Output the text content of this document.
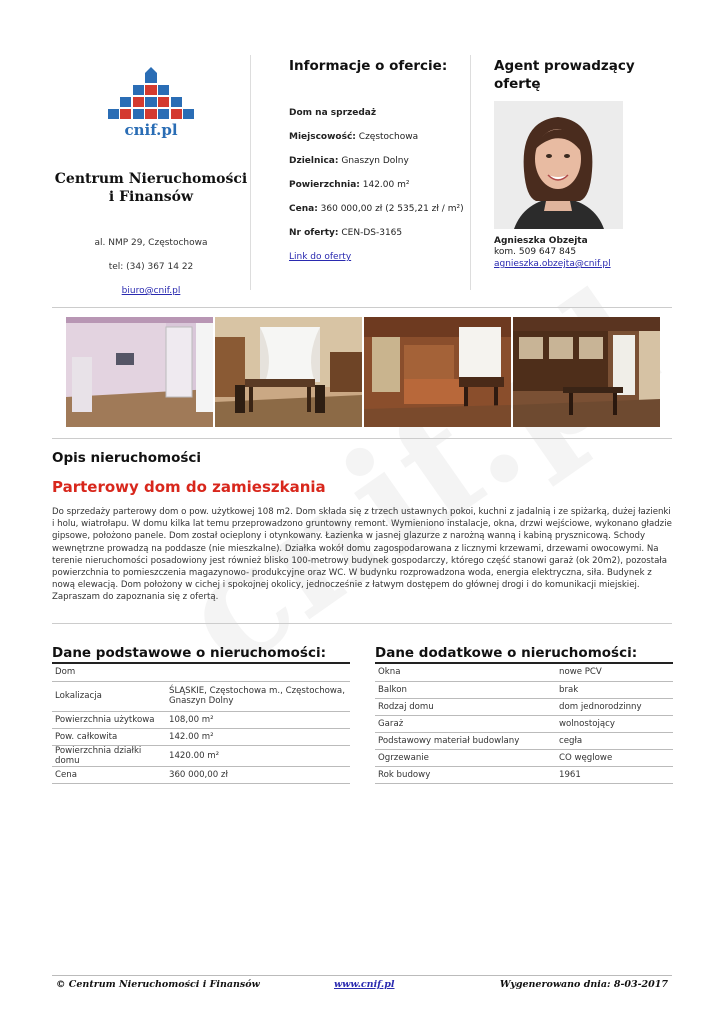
cnif.pl
Centrum Nieruchomości
i Finansów
al. NMP 29, Częstochowa
tel: (34) 367 14 22
biuro@cnif.pl
Informacje o ofercie:
Dom na sprzedaż
Miejscowość: Częstochowa
Dzielnica: Gnaszyn Dolny
Powierzchnia: 142.00 m²
Cena: 360 000,00 zł (2 535,21 zł / m²)
Nr oferty: CEN-DS-3165
Link do oferty
Agent prowadzący
ofertę
Agnieszka Obzejta
kom. 509 647 845
agnieszka.obzejta@cnif.pl
Opis nieruchomości
Parterowy dom do zamieszkania
Do sprzedaży parterowy dom o pow. użytkowej 108 m2. Dom składa się z trzech ustawnych pokoi, kuchni z jadalnią i ze spiżarką, dużej łazienki i holu, wiatrołapu. W domu kilka lat temu przeprowadzono gruntowny remont. Wymieniono instalacje, okna, drzwi wejściowe, wykonano gładzie gipsowe, położono panele. Dom został ocieplony i otynkowany. Łazienka w jasnej glazurze z narożną wanną i kabiną prysznicową. Schody wewnętrzne prowadzą na poddasze (nie mieszkalne). Działka wokół domu zagospodarowana z licznymi krzewami, drzewami owocowymi. Na terenie nieruchomości posadowiony jest również blisko 100-metrowy budynek gospodarczy, którego część stanowi garaż (ok 20m2), pozostała powierzchnia to pomieszczenia magazynowo- produkcyjne oraz WC. W budynku rozprowadzona woda, energia elektryczna, siła. Budynek z nową elewacją. Dom położony w cichej i spokojnej okolicy, jednocześnie z łatwym dostępem do głównej drogi i do komunikacji miejskiej. Zapraszam do zapoznania się z ofertą.
Dane podstawowe o nieruchomości:
Dom	
Lokalizacja	ŚLĄSKIE, Częstochowa m., Częstochowa, Gnaszyn Dolny
Powierzchnia użytkowa	108,00 m²
Pow. całkowita	142.00 m²
Powierzchnia działki domu	1420.00 m²
Cena	360 000,00 zł
Dane dodatkowe o nieruchomości:
Okna	nowe PCV
Balkon	brak
Rodzaj domu	dom jednorodzinny
Garaż	wolnostojący
Podstawowy materiał budowlany	cegła
Ogrzewanie	CO węglowe
Rok budowy	1961
© Centrum Nieruchomości i Finansów	www.cnif.pl	Wygenerowano dnia: 8-03-2017
